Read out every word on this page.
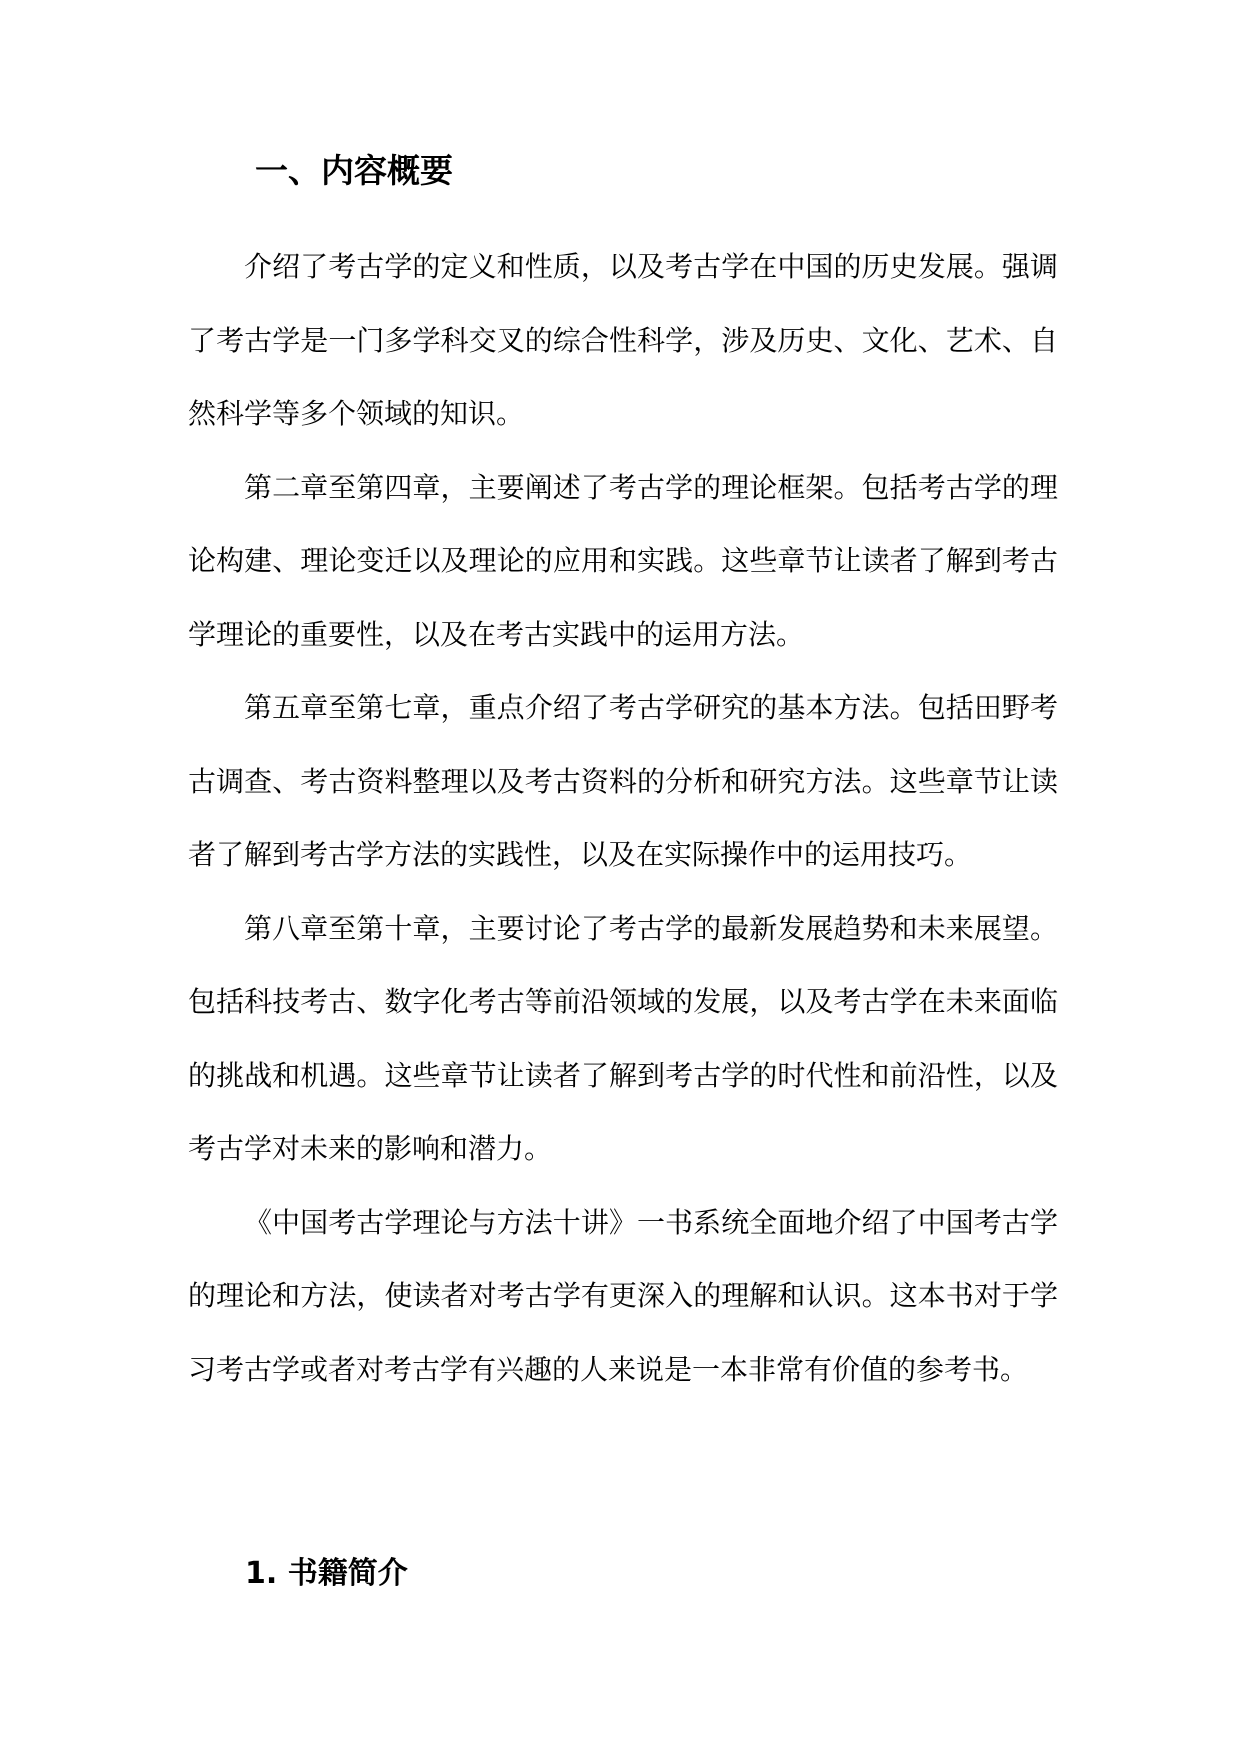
一、内容概要

介绍了考古学的定义和性质，以及考古学在中国的历史发展。强调了考古学是一门多学科交叉的综合性科学，涉及历史、文化、艺术、自然科学等多个领域的知识。

第二章至第四章，主要阐述了考古学的理论框架。包括考古学的理论构建、理论变迁以及理论的应用和实践。这些章节让读者了解到考古学理论的重要性，以及在考古实践中的运用方法。

第五章至第七章，重点介绍了考古学研究的基本方法。包括田野考古调查、考古资料整理以及考古资料的分析和研究方法。这些章节让读者了解到考古学方法的实践性，以及在实际操作中的运用技巧。

第八章至第十章，主要讨论了考古学的最新发展趋势和未来展望。包括科技考古、数字化考古等前沿领域的发展，以及考古学在未来面临的挑战和机遇。这些章节让读者了解到考古学的时代性和前沿性，以及考古学对未来的影响和潜力。

《中国考古学理论与方法十讲》一书系统全面地介绍了中国考古学的理论和方法，使读者对考古学有更深入的理解和认识。这本书对于学习考古学或者对考古学有兴趣的人来说是一本非常有价值的参考书。

1. 书籍简介
